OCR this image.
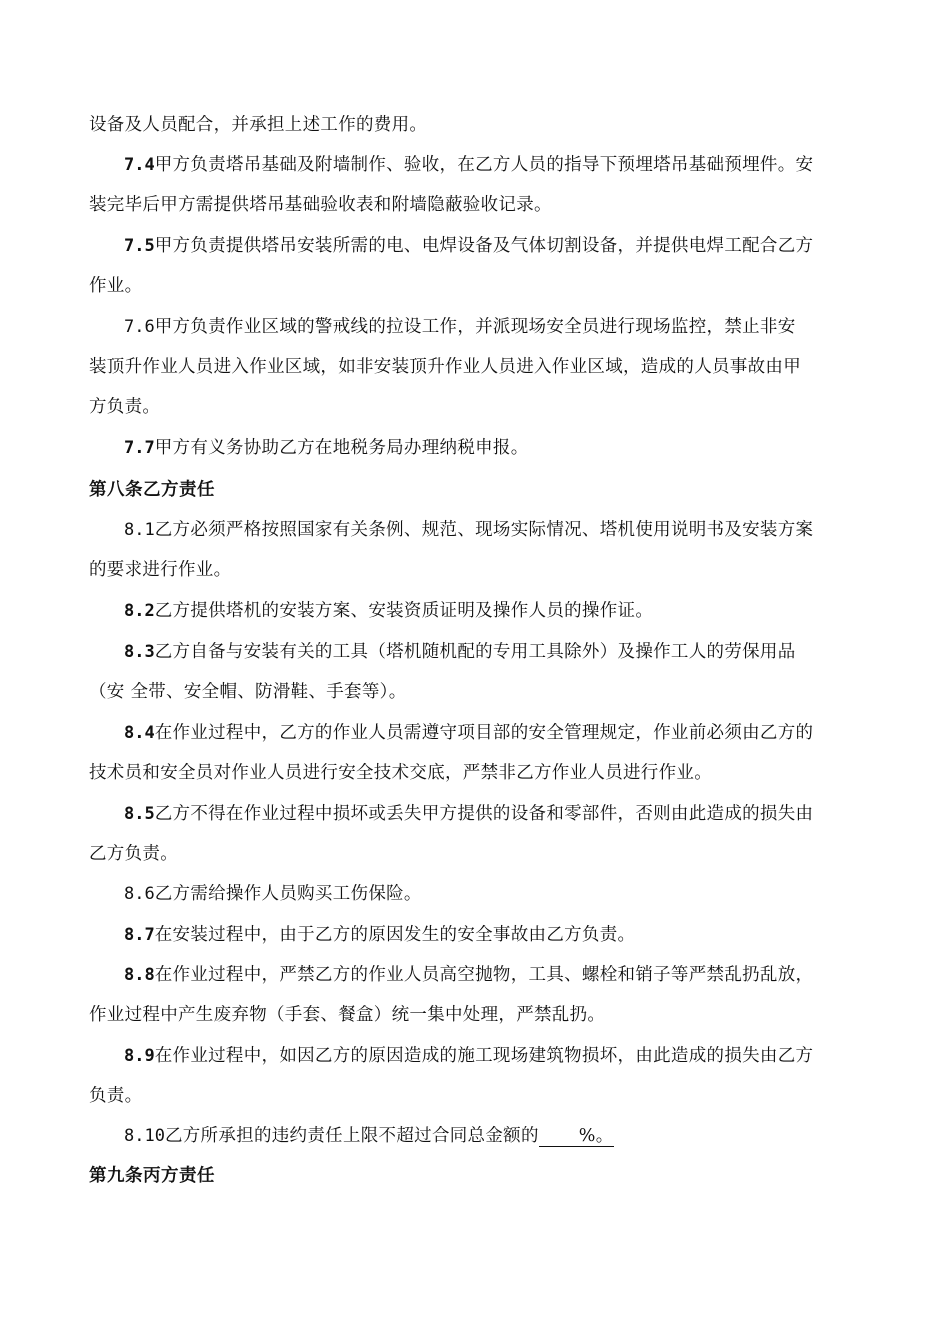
设备及人员配合，并承担上述工作的费用。
7.4甲方负责塔吊基础及附墙制作、验收，在乙方人员的指导下预埋塔吊基础预埋件。安
装完毕后甲方需提供塔吊基础验收表和附墙隐蔽验收记录。
7.5甲方负责提供塔吊安装所需的电、电焊设备及气体切割设备，并提供电焊工配合乙方
作业。
7.6甲方负责作业区域的警戒线的拉设工作，并派现场安全员进行现场监控，禁止非安
装顶升作业人员进入作业区域，如非安装顶升作业人员进入作业区域，造成的人员事故由甲
方负责。
7.7甲方有义务协助乙方在地税务局办理纳税申报。
第八条乙方责任
8.1乙方必须严格按照国家有关条例、规范、现场实际情况、塔机使用说明书及安装方案
的要求进行作业。
8.2乙方提供塔机的安装方案、安装资质证明及操作人员的操作证。
8.3乙方自备与安装有关的工具（塔机随机配的专用工具除外）及操作工人的劳保用品
（安 全带、安全帽、防滑鞋、手套等）。
8.4在作业过程中，乙方的作业人员需遵守项目部的安全管理规定，作业前必须由乙方的
技术员和安全员对作业人员进行安全技术交底，严禁非乙方作业人员进行作业。
8.5乙方不得在作业过程中损坏或丢失甲方提供的设备和零部件，否则由此造成的损失由
乙方负责。
8.6乙方需给操作人员购买工伤保险。
8.7在安装过程中，由于乙方的原因发生的安全事故由乙方负责。
8.8在作业过程中，严禁乙方的作业人员高空抛物，工具、螺栓和销子等严禁乱扔乱放，
作业过程中产生废弃物（手套、餐盒）统一集中处理，严禁乱扔。
8.9在作业过程中，如因乙方的原因造成的施工现场建筑物损坏，由此造成的损失由乙方
负责。
8.10乙方所承担的违约责任上限不超过合同总金额的 %。
第九条丙方责任
